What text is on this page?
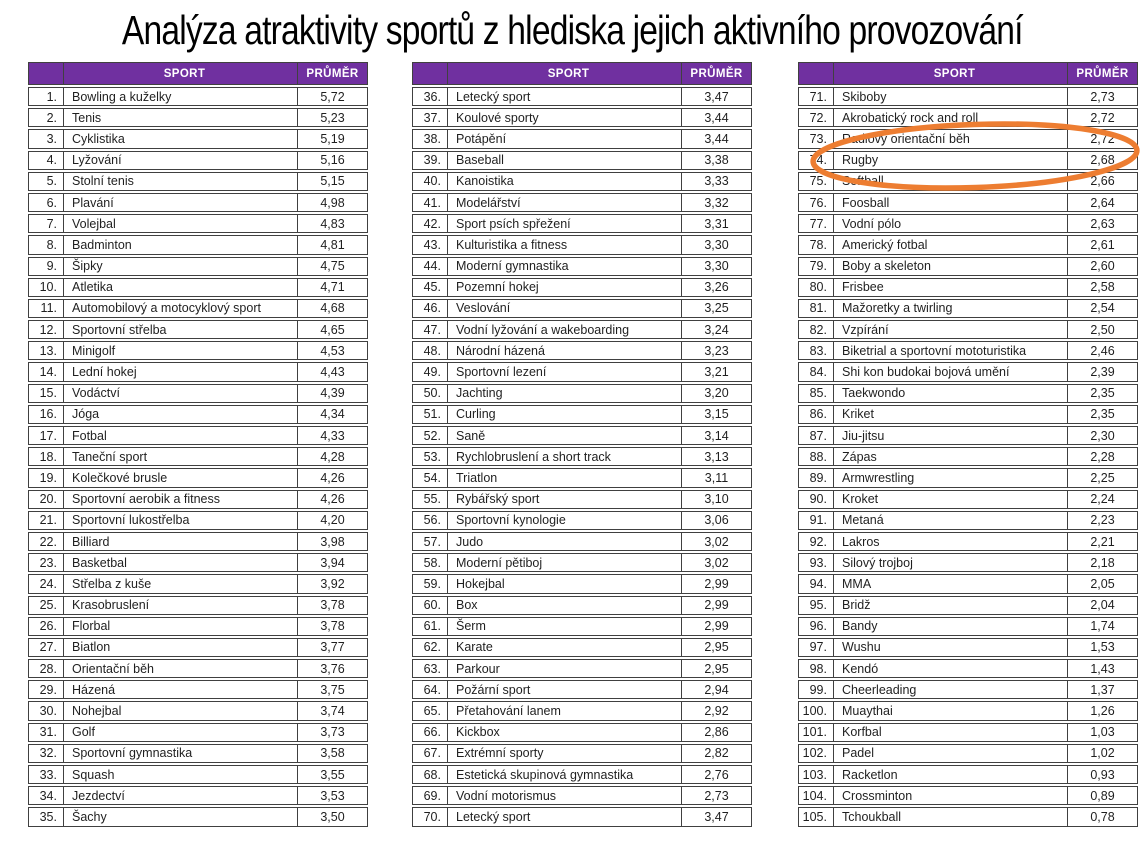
Analýza atraktivity sportů z hlediska jejich aktivního provozování
SPORT	PRŮMĚR
1.	Bowling a kuželky	5,72
2.	Tenis	5,23
3.	Cyklistika	5,19
4.	Lyžování	5,16
5.	Stolní tenis	5,15
6.	Plavání	4,98
7.	Volejbal	4,83
8.	Badminton	4,81
9.	Šipky	4,75
10.	Atletika	4,71
11.	Automobilový a motocyklový sport	4,68
12.	Sportovní střelba	4,65
13.	Minigolf	4,53
14.	Lední hokej	4,43
15.	Vodáctví	4,39
16.	Jóga	4,34
17.	Fotbal	4,33
18.	Taneční sport	4,28
19.	Kolečkové brusle	4,26
20.	Sportovní aerobik a fitness	4,26
21.	Sportovní lukostřelba	4,20
22.	Billiard	3,98
23.	Basketbal	3,94
24.	Střelba z kuše	3,92
25.	Krasobruslení	3,78
26.	Florbal	3,78
27.	Biatlon	3,77
28.	Orientační běh	3,76
29.	Házená	3,75
30.	Nohejbal	3,74
31.	Golf	3,73
32.	Sportovní gymnastika	3,58
33.	Squash	3,55
34.	Jezdectví	3,53
35.	Šachy	3,50
SPORT	PRŮMĚR
36.	Letecký sport	3,47
37.	Koulové sporty	3,44
38.	Potápění	3,44
39.	Baseball	3,38
40.	Kanoistika	3,33
41.	Modelářství	3,32
42.	Sport psích spřežení	3,31
43.	Kulturistika a fitness	3,30
44.	Moderní gymnastika	3,30
45.	Pozemní hokej	3,26
46.	Veslování	3,25
47.	Vodní lyžování a wakeboarding	3,24
48.	Národní házená	3,23
49.	Sportovní lezení	3,21
50.	Jachting	3,20
51.	Curling	3,15
52.	Saně	3,14
53.	Rychlobruslení a short track	3,13
54.	Triatlon	3,11
55.	Rybářský sport	3,10
56.	Sportovní kynologie	3,06
57.	Judo	3,02
58.	Moderní pětiboj	3,02
59.	Hokejbal	2,99
60.	Box	2,99
61.	Šerm	2,99
62.	Karate	2,95
63.	Parkour	2,95
64.	Požární sport	2,94
65.	Přetahování lanem	2,92
66.	Kickbox	2,86
67.	Extrémní sporty	2,82
68.	Estetická skupinová gymnastika	2,76
69.	Vodní motorismus	2,73
70.	Letecký sport	3,47
SPORT	PRŮMĚR
71.	Skiboby	2,73
72.	Akrobatický rock and roll	2,72
73.	Radiový orientační běh	2,72
74.	Rugby	2,68
75.	Softball	2,66
76.	Foosball	2,64
77.	Vodní pólo	2,63
78.	Americký fotbal	2,61
79.	Boby a skeleton	2,60
80.	Frisbee	2,58
81.	Mažoretky a twirling	2,54
82.	Vzpírání	2,50
83.	Biketrial a sportovní mototuristika	2,46
84.	Shi kon budokai bojová umění	2,39
85.	Taekwondo	2,35
86.	Kriket	2,35
87.	Jiu-jitsu	2,30
88.	Zápas	2,28
89.	Armwrestling	2,25
90.	Kroket	2,24
91.	Metaná	2,23
92.	Lakros	2,21
93.	Silový trojboj	2,18
94.	MMA	2,05
95.	Bridž	2,04
96.	Bandy	1,74
97.	Wushu	1,53
98.	Kendó	1,43
99.	Cheerleading	1,37
100.	Muaythai	1,26
101.	Korfbal	1,03
102.	Padel	1,02
103.	Racketlon	0,93
104.	Crossminton	0,89
105.	Tchoukball	0,78
